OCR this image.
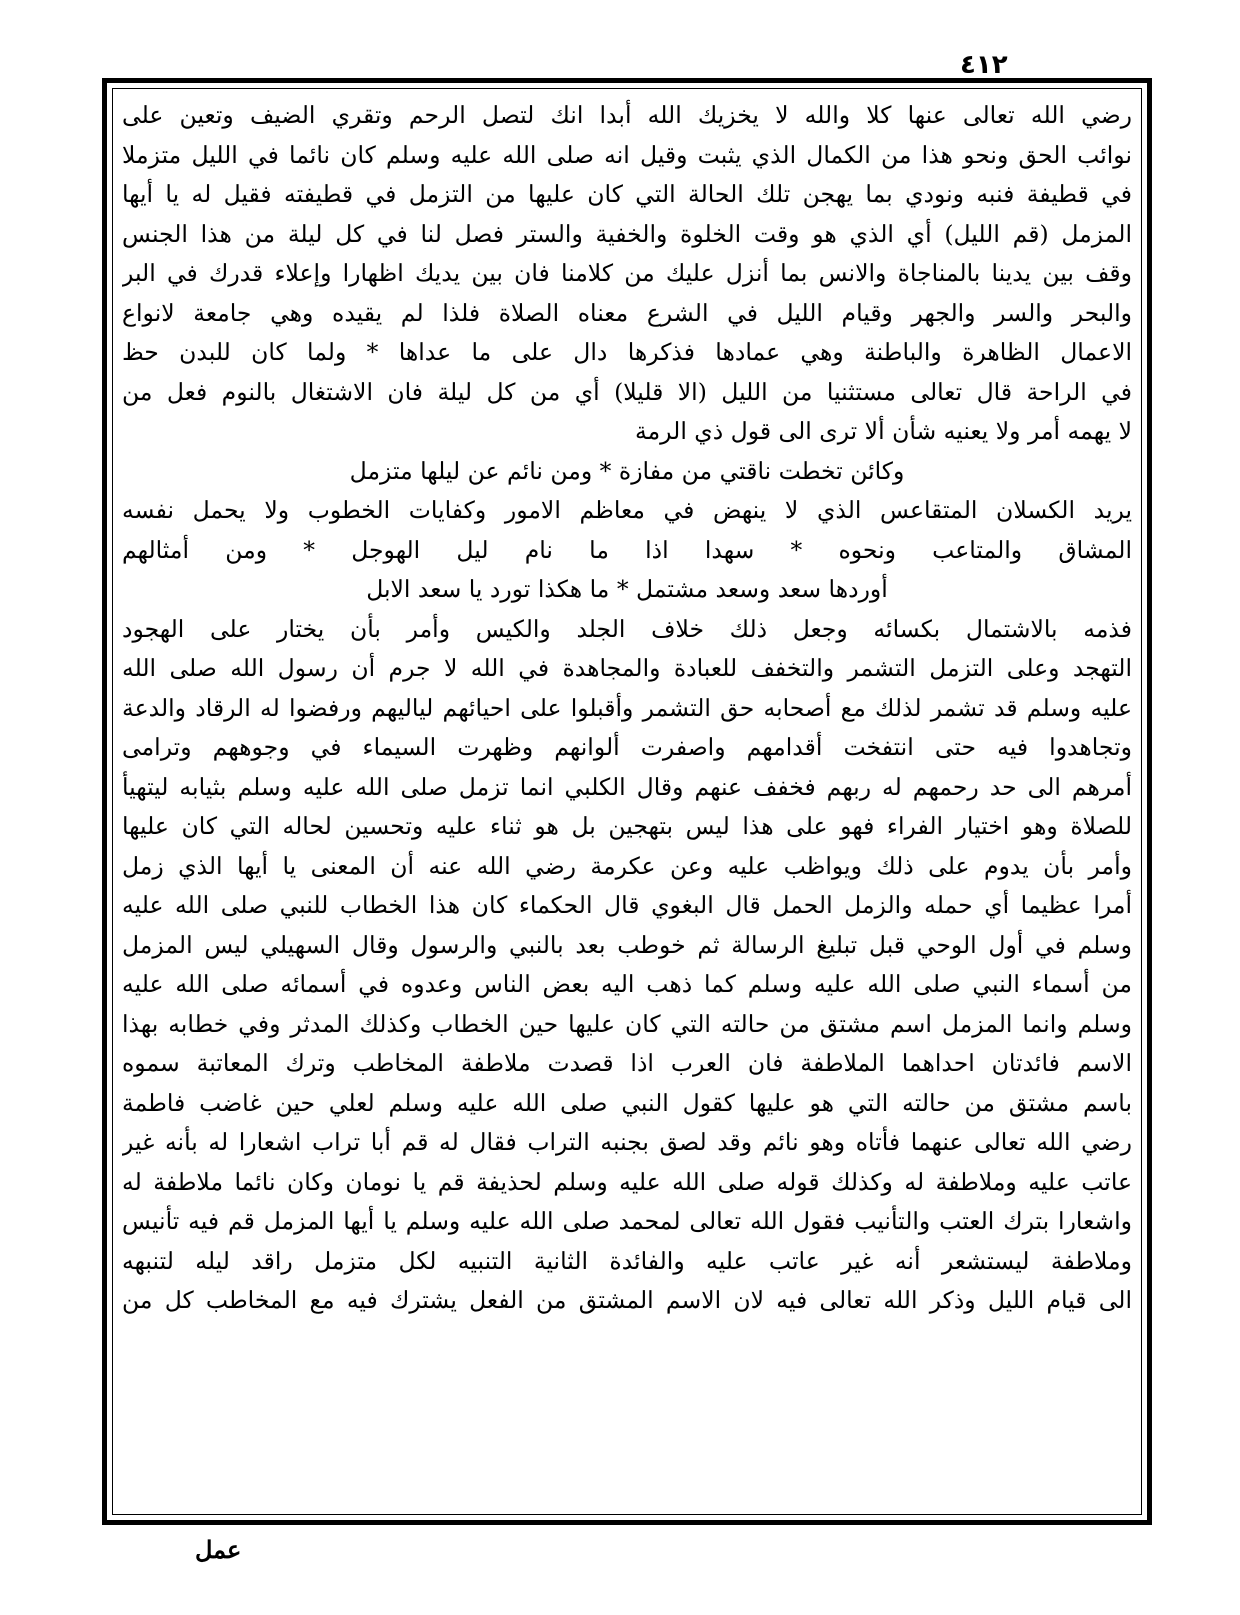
٤١٢
رضي الله تعالى عنها كلا والله لا يخزيك الله أبدا انك لتصل الرحم وتقري الضيف وتعين على
نوائب الحق ونحو هذا من الكمال الذي يثبت وقيل انه صلى الله عليه وسلم كان نائما في الليل متزملا
في قطيفة فنبه ونودي بما يهجن تلك الحالة التي كان عليها من التزمل في قطيفته فقيل له يا أيها
المزمل (قم الليل) أي الذي هو وقت الخلوة والخفية والستر فصل لنا في كل ليلة من هذا الجنس
وقف بين يدينا بالمناجاة والانس بما أنزل عليك من كلامنا فان بين يديك اظهارا وإعلاء قدرك في البر
والبحر والسر والجهر وقيام الليل في الشرع معناه الصلاة فلذا لم يقيده وهي جامعة لانواع
الاعمال الظاهرة والباطنة وهي عمادها فذكرها دال على ما عداها * ولما كان للبدن حظ
في الراحة قال تعالى مستثنيا من الليل (الا قليلا) أي من كل ليلة فان الاشتغال بالنوم فعل من
لا يهمه أمر ولا يعنيه شأن ألا ترى الى قول ذي الرمة
وكائن تخطت ناقتي من مفازة * ومن نائم عن ليلها متزمل
يريد الكسلان المتقاعس الذي لا ينهض في معاظم الامور وكفايات الخطوب ولا يحمل نفسه
المشاق والمتاعب ونحوه * سهدا اذا ما نام ليل الهوجل * ومن أمثالهم
أوردها سعد وسعد مشتمل * ما هكذا تورد يا سعد الابل
فذمه بالاشتمال بكسائه وجعل ذلك خلاف الجلد والكيس وأمر بأن يختار على الهجود
التهجد وعلى التزمل التشمر والتخفف للعبادة والمجاهدة في الله لا جرم أن رسول الله صلى الله
عليه وسلم قد تشمر لذلك مع أصحابه حق التشمر وأقبلوا على احيائهم لياليهم ورفضوا له الرقاد والدعة
وتجاهدوا فيه حتى انتفخت أقدامهم واصفرت ألوانهم وظهرت السيماء في وجوههم وترامى
أمرهم الى حد رحمهم له ربهم فخفف عنهم وقال الكلبي انما تزمل صلى الله عليه وسلم بثيابه ليتهيأ
للصلاة وهو اختيار الفراء فهو على هذا ليس بتهجين بل هو ثناء عليه وتحسين لحاله التي كان عليها
وأمر بأن يدوم على ذلك ويواظب عليه وعن عكرمة رضي الله عنه أن المعنى يا أيها الذي زمل
أمرا عظيما أي حمله والزمل الحمل قال البغوي قال الحكماء كان هذا الخطاب للنبي صلى الله عليه
وسلم في أول الوحي قبل تبليغ الرسالة ثم خوطب بعد بالنبي والرسول وقال السهيلي ليس المزمل
من أسماء النبي صلى الله عليه وسلم كما ذهب اليه بعض الناس وعدوه في أسمائه صلى الله عليه
وسلم وانما المزمل اسم مشتق من حالته التي كان عليها حين الخطاب وكذلك المدثر وفي خطابه بهذا
الاسم فائدتان احداهما الملاطفة فان العرب اذا قصدت ملاطفة المخاطب وترك المعاتبة سموه
باسم مشتق من حالته التي هو عليها كقول النبي صلى الله عليه وسلم لعلي حين غاضب فاطمة
رضي الله تعالى عنهما فأتاه وهو نائم وقد لصق بجنبه التراب فقال له قم أبا تراب اشعارا له بأنه غير
عاتب عليه وملاطفة له وكذلك قوله صلى الله عليه وسلم لحذيفة قم يا نومان وكان نائما ملاطفة له
واشعارا بترك العتب والتأنيب فقول الله تعالى لمحمد صلى الله عليه وسلم يا أيها المزمل قم فيه تأنيس
وملاطفة ليستشعر أنه غير عاتب عليه والفائدة الثانية التنبيه لكل متزمل راقد ليله لتنبهه
الى قيام الليل وذكر الله تعالى فيه لان الاسم المشتق من الفعل يشترك فيه مع المخاطب كل من
عمل
